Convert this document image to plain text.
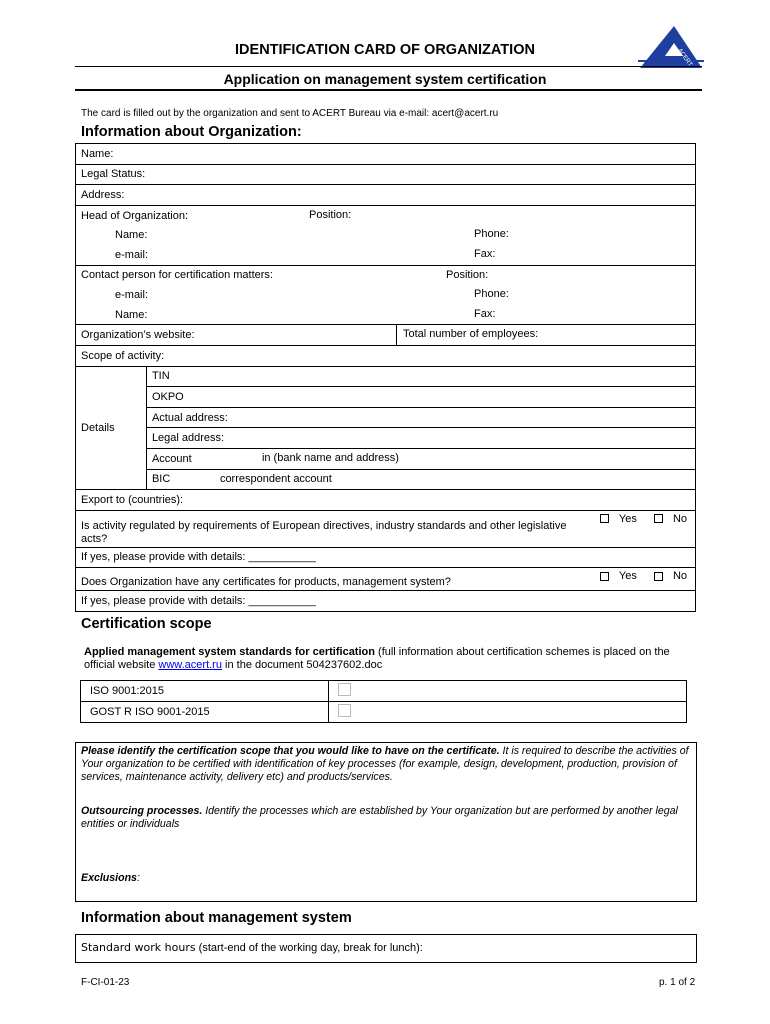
IDENTIFICATION CARD OF ORGANIZATION	ACERT
Application on management system certification
The card is filled out by the organization and sent to ACERT Bureau via e-mail: acert@acert.ru
Information about Organization:
Name:
Legal Status:
Address:
Head of Organization:	Position:

Name:	Phone:

e-mail:	Fax:

Contact person for certification matters:	Position:

e-mail:	Phone:

Name:	Fax:

Organization’s website:	Total number of employees:

Scope of activity:
Details	TIN
OKPO
Actual address:
Legal address:
Account	in (bank name and address)

BIC	correspondent account

Export to (countries):

Is activity regulated by requirements of European directives, industry standards and other legislative acts?
Yes	No

If yes, please provide with details: ___________

Does Organization have any certificates for products, management system?	Yes	No

If yes, please provide with details: ___________
Certification scope
Applied management system standards for certification (full information about certification schemes is placed on the official website www.acert.ru in the document 504237602.doc
ISO 9001:2015	
GOST R ISO 9001-2015	
Please identify the certification scope that you would like to have on the certificate. It is required to describe the activities of Your organization to be certified with identification of key processes (for example, design, development, production, provision of services, maintenance activity, delivery etc) and products/services.
Outsourcing processes. Identify the processes which are established by Your organization but are performed by another legal entities or individuals
Exclusions:
Information about management system
Standard work hours (start-end of the working day, break for lunch):
F-CI-01-23	p. 1 of 2
